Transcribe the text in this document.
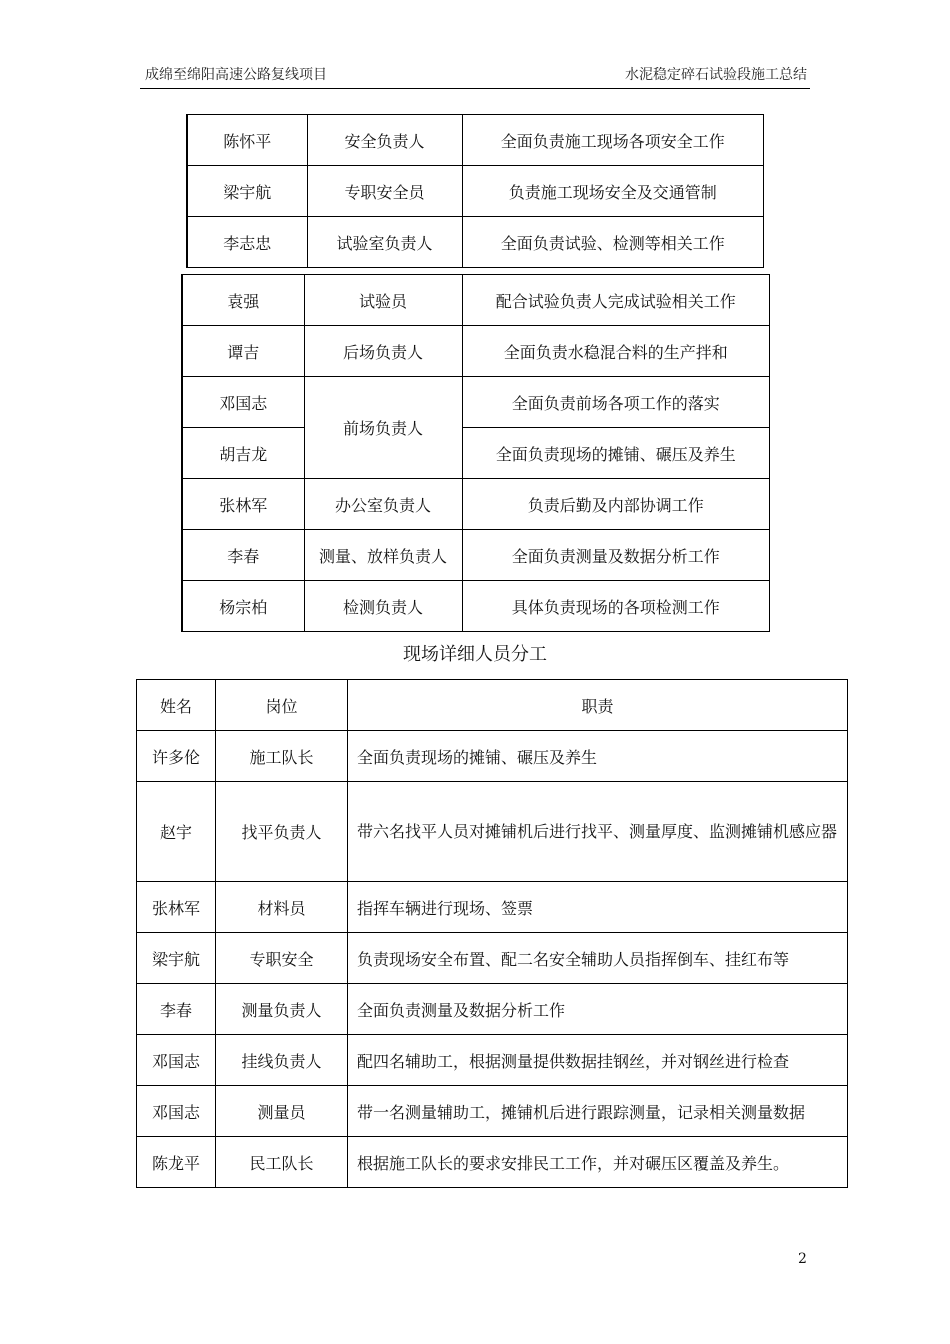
成绵至绵阳高速公路复线项目	水泥稳定碎石试验段施工总结
陈怀平	安全负责人	全面负责施工现场各项安全工作
梁宇航	专职安全员	负责施工现场安全及交通管制
李志忠	试验室负责人	全面负责试验、检测等相关工作
袁强	试验员	配合试验负责人完成试验相关工作
谭吉	后场负责人	全面负责水稳混合料的生产拌和
邓国志	前场负责人	全面负责前场各项工作的落实
胡吉龙		全面负责现场的摊铺、碾压及养生
张林军	办公室负责人	负责后勤及内部协调工作
李春	测量、放样负责人	全面负责测量及数据分析工作
杨宗柏	检测负责人	具体负责现场的各项检测工作
现场详细人员分工
姓名	岗位	职责
许多伦	施工队长	全面负责现场的摊铺、碾压及养生
赵宇	找平负责人	带六名找平人员对摊铺机后进行找平、测量厚度、监测摊铺机感应器
张林军	材料员	指挥车辆进行现场、签票
梁宇航	专职安全	负责现场安全布置、配二名安全辅助人员指挥倒车、挂红布等
李春	测量负责人	全面负责测量及数据分析工作
邓国志	挂线负责人	配四名辅助工，根据测量提供数据挂钢丝，并对钢丝进行检查
邓国志	测量员	带一名测量辅助工，摊铺机后进行跟踪测量，记录相关测量数据
陈龙平	民工队长	根据施工队长的要求安排民工工作，并对碾压区覆盖及养生。
2
